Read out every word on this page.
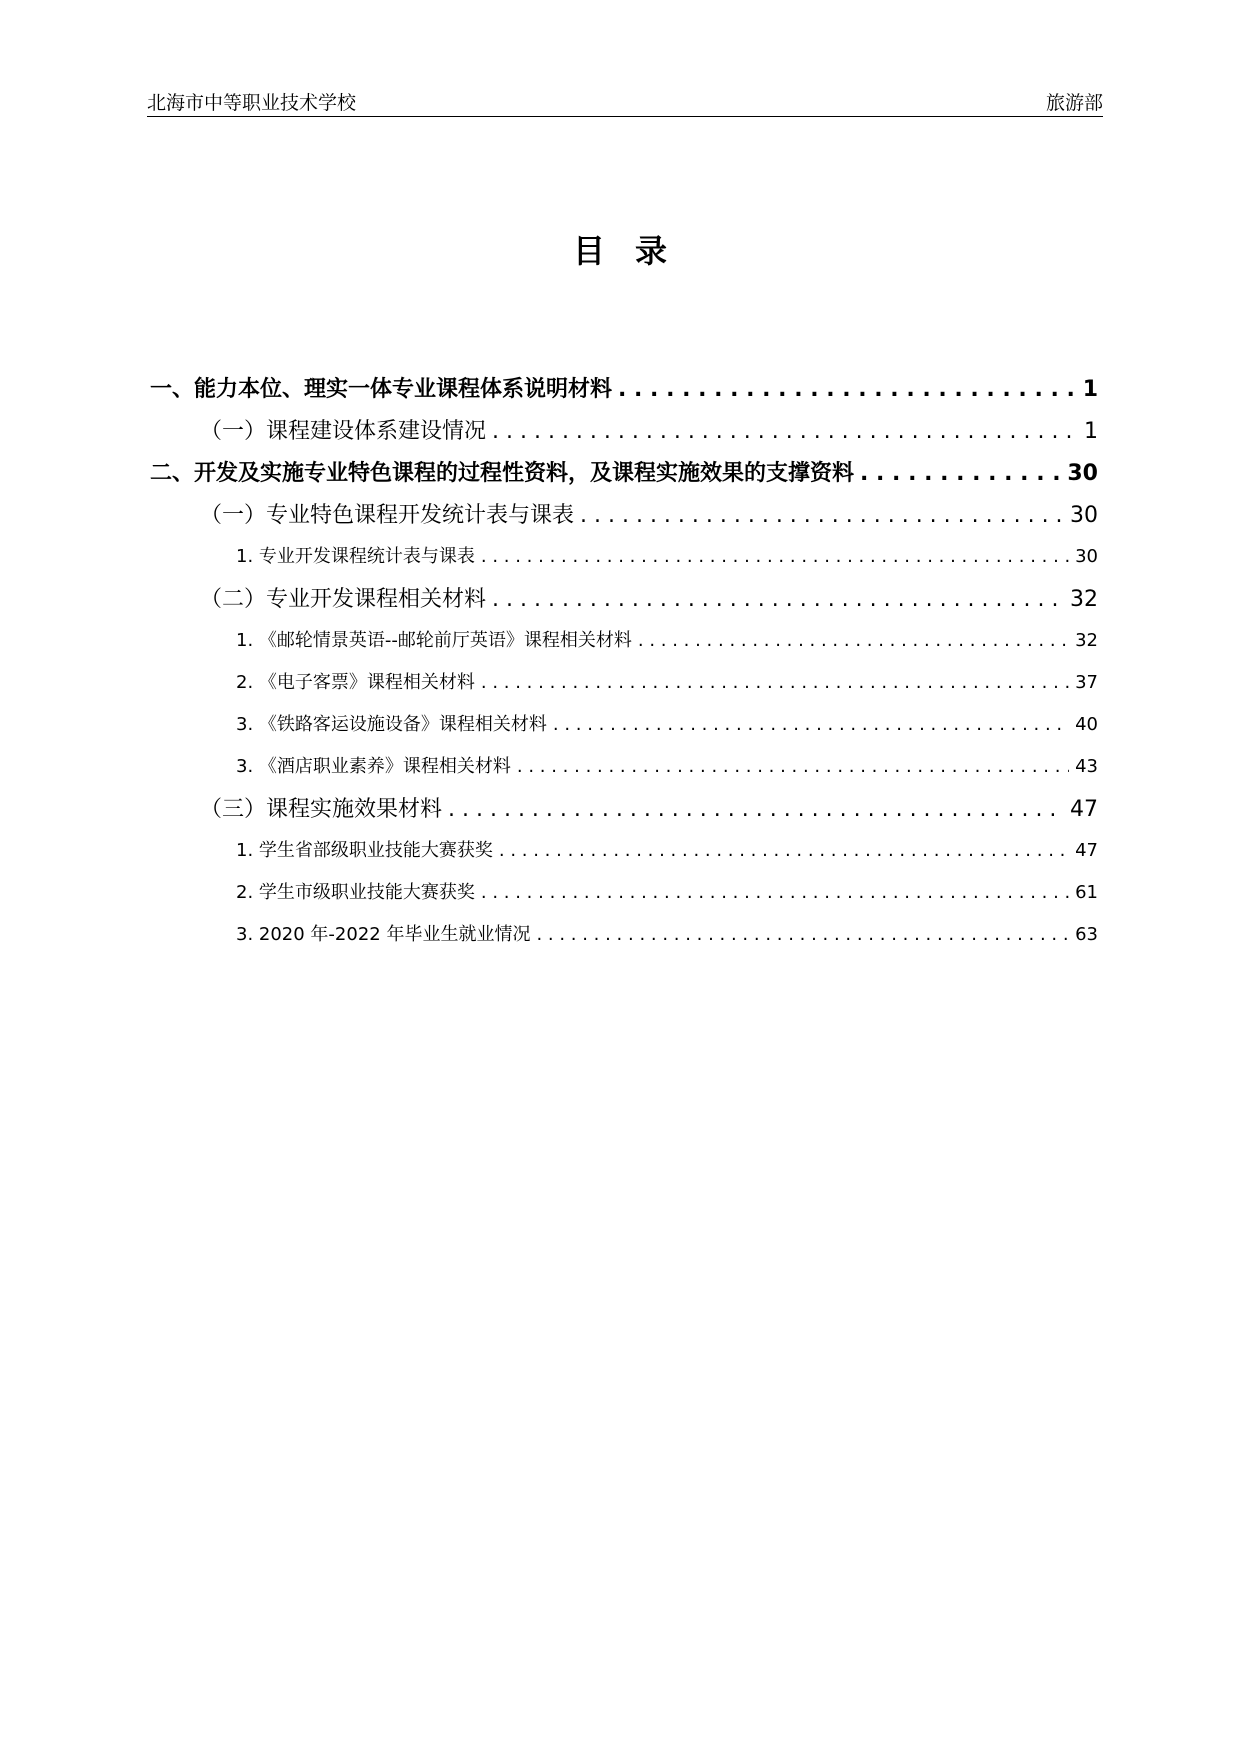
北海市中等职业技术学校	旅游部
目录
一、能力本位、理实一体专业课程体系说明材料 . . .	1
（一）课程建设体系建设情况 . . .	1
二、开发及实施专业特色课程的过程性资料，及课程实施效果的支撑资料 . . .	30
（一）专业特色课程开发统计表与课表 . . .	30
1. 专业开发课程统计表与课表 . . .	30
（二）专业开发课程相关材料 . . .	32
1. 《邮轮情景英语--邮轮前厅英语》课程相关材料 . . .	32
2. 《电子客票》课程相关材料 . . .	37
3. 《铁路客运设施设备》课程相关材料 . . .	40
3. 《酒店职业素养》课程相关材料 . . .	43
（三）课程实施效果材料 . . .	47
1. 学生省部级职业技能大赛获奖 . . .	47
2. 学生市级职业技能大赛获奖 . . .	61
3. 2020 年-2022 年毕业生就业情况 . . .	63
